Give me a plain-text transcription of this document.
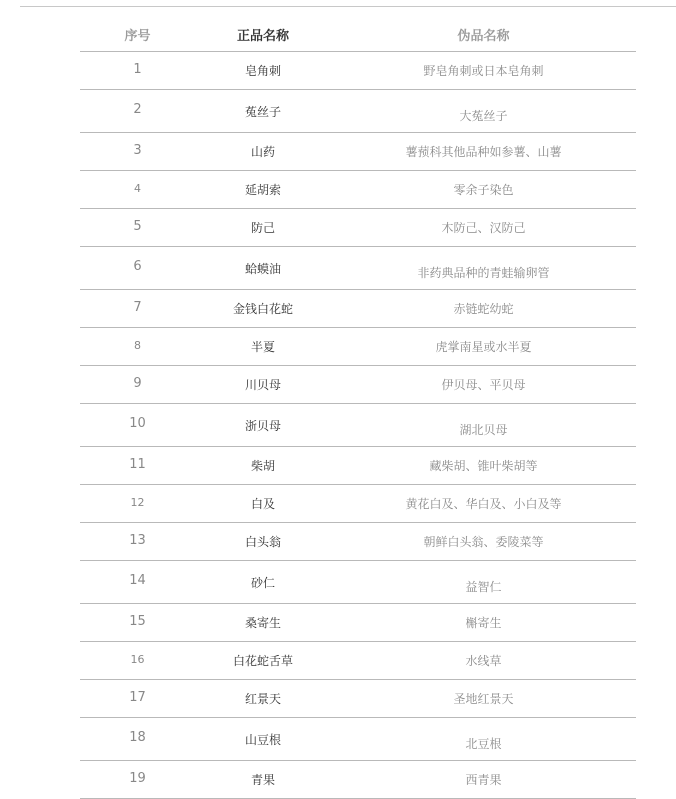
序号	正品名称	伪品名称
1	皂角刺	野皂角刺或日本皂角刺
2	菟丝子	大菟丝子
3	山药	薯蓣科其他品种如参薯、山薯
4	延胡索	零余子染色
5	防己	木防己、汉防己
6	蛤蟆油	非药典品种的青蛙输卵管
7	金钱白花蛇	赤链蛇幼蛇
8	半夏	虎掌南星或水半夏
9	川贝母	伊贝母、平贝母
10	浙贝母	湖北贝母
11	柴胡	藏柴胡、锥叶柴胡等
12	白及	黄花白及、华白及、小白及等
13	白头翁	朝鲜白头翁、委陵菜等
14	砂仁	益智仁
15	桑寄生	槲寄生
16	白花蛇舌草	水线草
17	红景天	圣地红景天
18	山豆根	北豆根
19	青果	西青果
